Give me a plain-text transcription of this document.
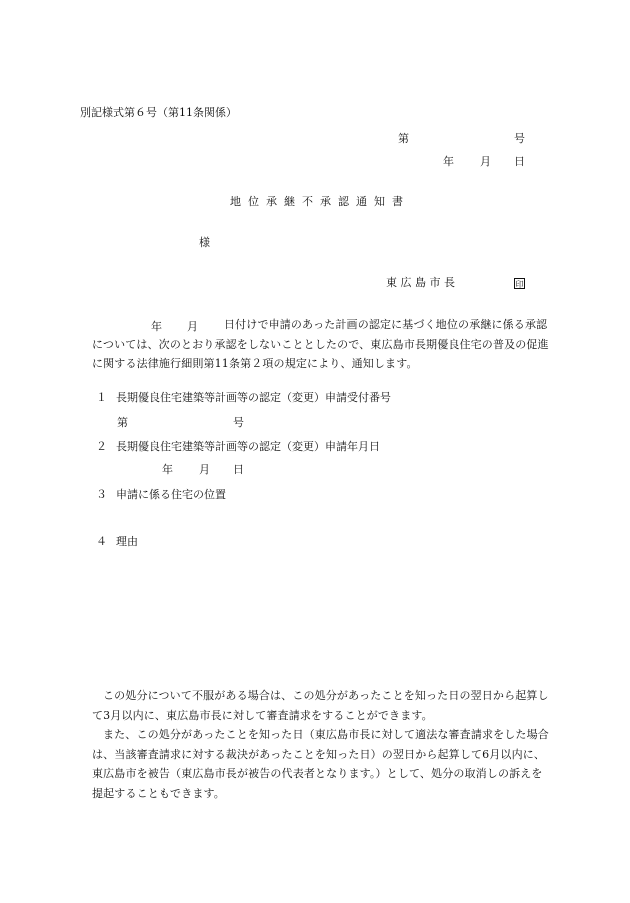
別記様式第６号（第11条関係）
第	号
年 月 日
地位承継不承認通知書
様
東 広 島 市 長	印
年 月	日付けで申請のあった計画の認定に基づく地位の承継に係る承認については、次のとおり承認をしないこととしたので、東広島市長期優良住宅の普及の促進に関する法律施行細則第11条第２項の規定により、通知します。
１ 長期優良住宅建築等計画等の認定（変更）申請受付番号
第	号
２ 長期優良住宅建築等計画等の認定（変更）申請年月日
年 月 日
３ 申請に係る住宅の位置
４ 理由
この処分について不服がある場合は、この処分があったことを知った日の翌日から起算して3月以内に、東広島市長に対して審査請求をすることができます。
また、この処分があったことを知った日（東広島市長に対して適法な審査請求をした場合は、当該審査請求に対する裁決があったことを知った日）の翌日から起算して6月以内に、東広島市を被告（東広島市長が被告の代表者となります。）として、処分の取消しの訴えを提起することもできます。
